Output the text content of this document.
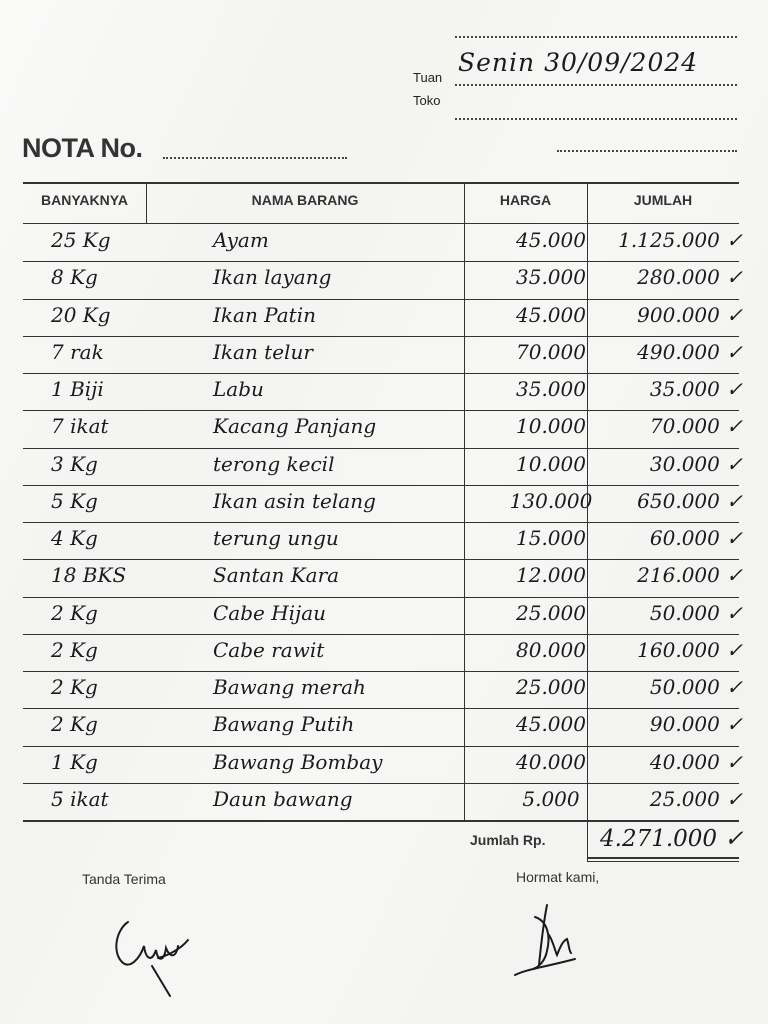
Tuan
Senin 30/09/2024
Toko
NOTA No.
BANYAKNYA	NAMA BARANG	HARGA	JUMLAH
25 Kg	Ayam	45.000	1.125.000 ✓
8 Kg	Ikan layang	35.000	280.000 ✓
20 Kg	Ikan Patin	45.000	900.000 ✓
7 rak	Ikan telur	70.000	490.000 ✓
1 Biji	Labu	35.000	35.000 ✓
7 ikat	Kacang Panjang	10.000	70.000 ✓
3 Kg	terong kecil	10.000	30.000 ✓
5 Kg	Ikan asin telang	130.000	650.000 ✓
4 Kg	terung ungu	15.000	60.000 ✓
18 BKS	Santan Kara	12.000	216.000 ✓
2 Kg	Cabe Hijau	25.000	50.000 ✓
2 Kg	Cabe rawit	80.000	160.000 ✓
2 Kg	Bawang merah	25.000	50.000 ✓
2 Kg	Bawang Putih	45.000	90.000 ✓
1 Kg	Bawang Bombay	40.000	40.000 ✓
5 ikat	Daun bawang	5.000	25.000 ✓
Jumlah Rp. 4.271.000 ✓
Tanda Terima	Hormat kami,
